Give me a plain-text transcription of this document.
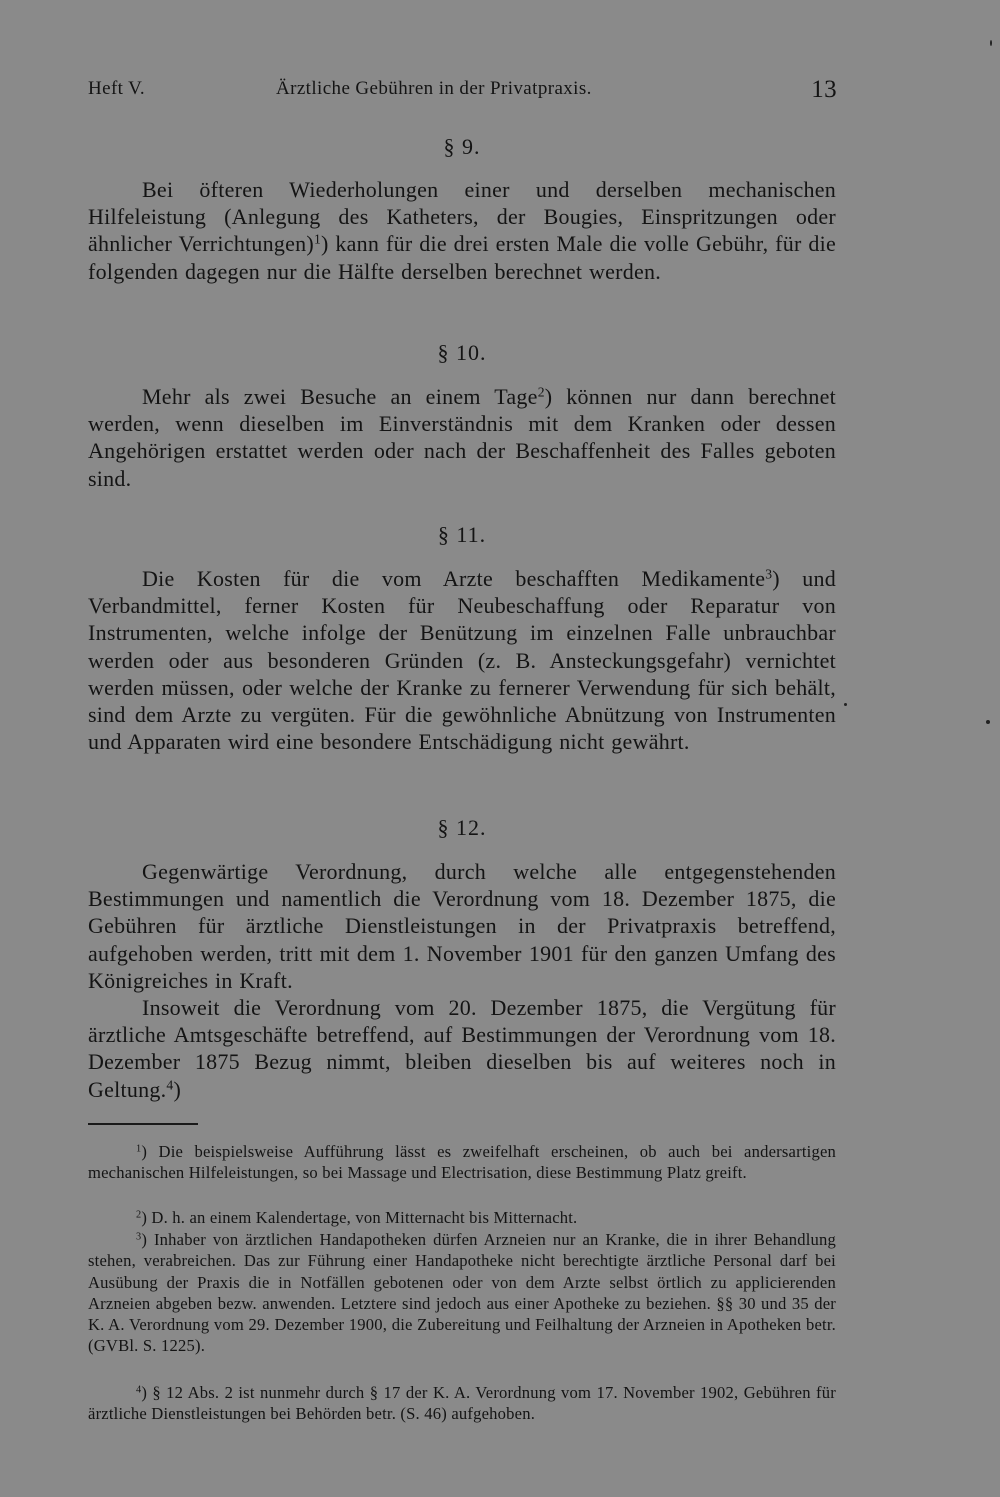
Heft V.	Ärztliche Gebühren in der Privatpraxis.	13
§ 9.

Bei öfteren Wiederholungen einer und derselben mechanischen Hilfeleistung (Anlegung des Katheters, der Bougies, Einspritzungen oder ähnlicher Verrichtungen)$^1$) kann für die drei ersten Male die volle Gebühr, für die folgenden dagegen nur die Hälfte derselben berechnet werden.

§ 10.

Mehr als zwei Besuche an einem Tage$^2$) können nur dann berechnet werden, wenn dieselben im Einverständnis mit dem Kranken oder dessen Angehörigen erstattet werden oder nach der Beschaffenheit des Falles geboten sind.

§ 11.

Die Kosten für die vom Arzte beschafften Medikamente$^3$) und Verbandmittel, ferner Kosten für Neubeschaffung oder Reparatur von Instrumenten, welche infolge der Benützung im einzelnen Falle unbrauchbar werden oder aus besonderen Gründen (z. B. Ansteckungsgefahr) vernichtet werden müssen, oder welche der Kranke zu fernerer Verwendung für sich behält, sind dem Arzte zu vergüten. Für die gewöhnliche Abnützung von Instrumenten und Apparaten wird eine besondere Entschädigung nicht gewährt.

§ 12.

Gegenwärtige Verordnung, durch welche alle entgegenstehenden Bestimmungen und namentlich die Verordnung vom 18. Dezember 1875, die Gebühren für ärztliche Dienstleistungen in der Privatpraxis betreffend, aufgehoben werden, tritt mit dem 1. November 1901 für den ganzen Umfang des Königreiches in Kraft.

Insoweit die Verordnung vom 20. Dezember 1875, die Vergütung für ärztliche Amtsgeschäfte betreffend, auf Bestimmungen der Verordnung vom 18. Dezember 1875 Bezug nimmt, bleiben dieselben bis auf weiteres noch in Geltung.$^4$)

$^1$) Die beispielsweise Aufführung lässt es zweifelhaft erscheinen, ob auch bei andersartigen mechanischen Hilfeleistungen, so bei Massage und Electrisation, diese Bestimmung Platz greift.

$^2$) D. h. an einem Kalendertage, von Mitternacht bis Mitternacht.

$^3$) Inhaber von ärztlichen Handapotheken dürfen Arzneien nur an Kranke, die in ihrer Behandlung stehen, verabreichen. Das zur Führung einer Handapotheke nicht berechtigte ärztliche Personal darf bei Ausübung der Praxis die in Notfällen gebotenen oder von dem Arzte selbst örtlich zu applicierenden Arzneien abgeben bezw. anwenden. Letztere sind jedoch aus einer Apotheke zu beziehen. §§ 30 und 35 der K. A. Verordnung vom 29. Dezember 1900, die Zubereitung und Feilhaltung der Arzneien in Apotheken betr. (GVBl. S. 1225).

$^4$) § 12 Abs. 2 ist nunmehr durch § 17 der K. A. Verordnung vom 17. November 1902, Gebühren für ärztliche Dienstleistungen bei Behörden betr. (S. 46) aufgehoben.
